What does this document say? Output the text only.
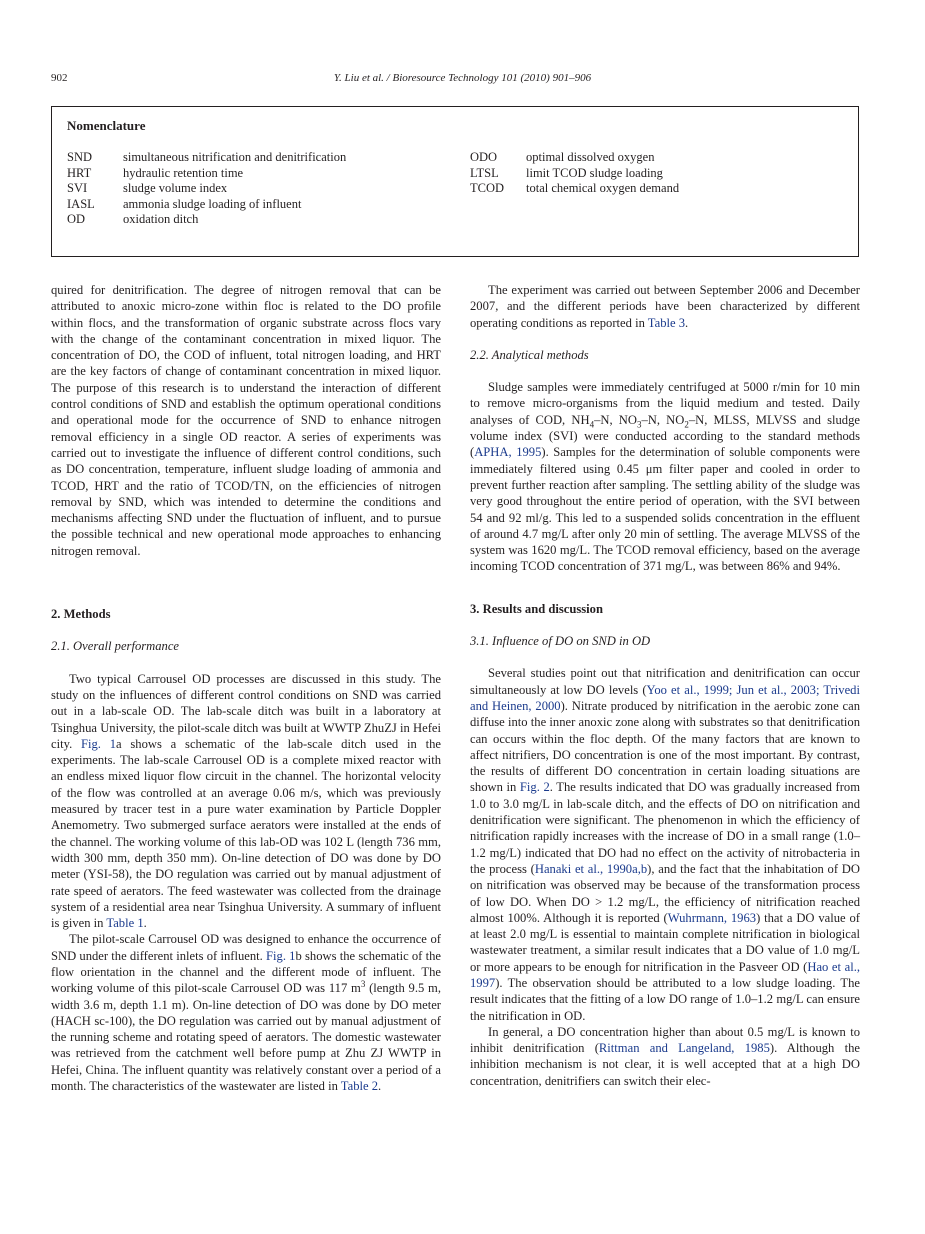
902	Y. Liu et al. / Bioresource Technology 101 (2010) 901–906
Nomenclature
SND	simultaneous nitrification and denitrification
HRT	hydraulic retention time
SVI	sludge volume index
IASL	ammonia sludge loading of influent
OD	oxidation ditch
ODO	optimal dissolved oxygen
LTSL	limit TCOD sludge loading
TCOD	total chemical oxygen demand

quired for denitrification. The degree of nitrogen removal that can be attributed to anoxic micro-zone within floc is related to the DO profile within flocs, and the transformation of organic substrate across flocs vary with the change of the contaminant concentration in mixed liquor. The concentration of DO, the COD of influent, total nitrogen loading, and HRT are the key factors of change of contaminant concentration in mixed liquor. The purpose of this research is to understand the interaction of different control conditions of SND and establish the optimum operational conditions and operational mode for the occurrence of SND to enhance nitrogen removal efficiency in a single OD reactor. A series of experiments was carried out to investigate the influence of different control conditions, such as DO concentration, temperature, influent sludge loading of ammonia and TCOD, HRT and the ratio of TCOD/TN, on the efficiencies of nitrogen removal by SND, which was intended to determine the conditions and mechanisms affecting SND under the fluctuation of influent, and to pursue the possible technical and new operational mode approaches to enhancing nitrogen removal.

2. Methods
2.1. Overall performance

Two typical Carrousel OD processes are discussed in this study. The study on the influences of different control conditions on SND was carried out in a lab-scale OD. The lab-scale ditch was built in a laboratory at Tsinghua University, the pilot-scale ditch was built at WWTP ZhuZJ in Hefei city. Fig. 1a shows a schematic of the lab-scale ditch used in the experiments. The lab-scale Carrousel OD is a complete mixed reactor with an endless mixed liquor flow circuit in the channel. The horizontal velocity of the flow was controlled at an average 0.06 m/s, which was previously measured by tracer test in a pure water examination by Particle Doppler Anemometry. Two submerged surface aerators were installed at the ends of the channel. The working volume of this lab-OD was 102 L (length 736 mm, width 300 mm, depth 350 mm). On-line detection of DO was done by DO meter (YSI-58), the DO regulation was carried out by manual adjustment of rate speed of aerators. The feed wastewater was collected from the drainage system of a residential area near Tsinghua University. A summary of influent is given in Table 1.

The pilot-scale Carrousel OD was designed to enhance the occurrence of SND under the different inlets of influent. Fig. 1b shows the schematic of the flow orientation in the channel and the different mode of influent. The working volume of this pilot-scale Carrousel OD was 117 $m^3$ (length 9.5 m, width 3.6 m, depth 1.1 m). On-line detection of DO was done by DO meter (HACH sc-100), the DO regulation was carried out by manual adjustment of the running scheme and rotating speed of aerators. The domestic wastewater was retrieved from the catchment well before pump at Zhu ZJ WWTP in Hefei, China. The influent quantity was relatively constant over a period of a month. The characteristics of the wastewater are listed in Table 2.

The experiment was carried out between September 2006 and December 2007, and the different periods have been characterized by different operating conditions as reported in Table 3.

2.2. Analytical methods

Sludge samples were immediately centrifuged at 5000 r/min for 10 min to remove micro-organisms from the liquid medium and tested. Daily analyses of COD, $NH_4-N$, $NO_3-N$, $NO_2-N$, MLSS, MLVSS and sludge volume index (SVI) were conducted according to the standard methods (APHA, 1995). Samples for the determination of soluble components were immediately filtered using 0.45 μm filter paper and cooled in order to prevent further reaction after sampling. The settling ability of the sludge was very good throughout the entire period of operation, with the SVI between 54 and 92 ml/g. This led to a suspended solids concentration in the effluent of around 4.7 mg/L after only 20 min of settling. The average MLVSS of the system was 1620 mg/L. The TCOD removal efficiency, based on the average incoming TCOD concentration of 371 mg/L, was between 86% and 94%.

3. Results and discussion
3.1. Influence of DO on SND in OD

Several studies point out that nitrification and denitrification can occur simultaneously at low DO levels (Yoo et al., 1999; Jun et al., 2003; Trivedi and Heinen, 2000). Nitrate produced by nitrification in the aerobic zone can diffuse into the inner anoxic zone along with substrates so that denitrification can occurs within the floc depth. Of the many factors that are known to affect nitrifiers, DO concentration is one of the most important. By contrast, the results of different DO concentration in certain loading situations are shown in Fig. 2. The results indicated that DO was gradually increased from 1.0 to 3.0 mg/L in lab-scale ditch, and the effects of DO on nitrification and denitrification were significant. The phenomenon in which the efficiency of nitrification rapidly increases with the increase of DO in a small range (1.0–1.2 mg/L) indicated that DO had no effect on the activity of nitrobacteria in the process (Hanaki et al., 1990a,b), and the fact that the inhabitation of DO on nitrification was observed may be because of the transformation process of low DO. When DO > 1.2 mg/L, the efficiency of nitrification reached almost 100%. Although it is reported (Wuhrmann, 1963) that a DO value of at least 2.0 mg/L is essential to maintain complete nitrification in biological wastewater treatment, a similar result indicates that a DO value of 1.0 mg/L or more appears to be enough for nitrification in the Pasveer OD (Hao et al., 1997). The observation should be attributed to a low sludge loading. The result indicates that the fitting of a low DO range of 1.0–1.2 mg/L can ensure the nitrification in OD.

In general, a DO concentration higher than about 0.5 mg/L is known to inhibit denitrification (Rittman and Langeland, 1985). Although the inhibition mechanism is not clear, it is well accepted that at a high DO concentration, denitrifiers can switch their elec-
